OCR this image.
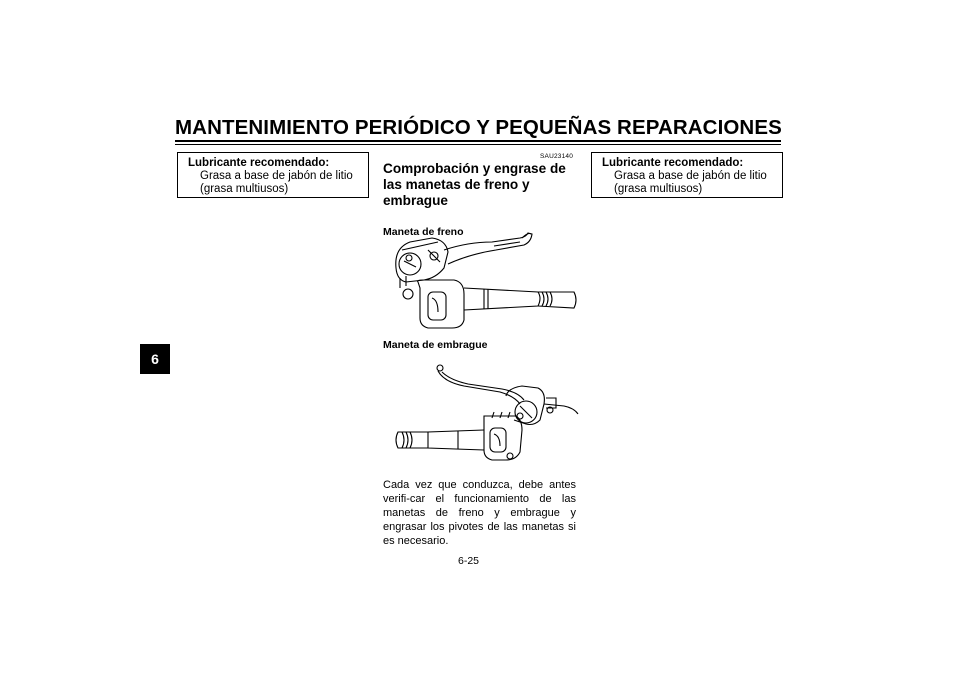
MANTENIMIENTO PERIÓDICO Y PEQUEÑAS REPARACIONES
6
Lubricante recomendado:
Grasa a base de jabón de litio (grasa multiusos)
SAU23140
Comprobación y engrase de las manetas de freno y embrague
Maneta de freno
Maneta de embrague
Cada vez que conduzca, debe antes verifi-car el funcionamiento de las manetas de freno y embrague y engrasar los pivotes de las manetas si es necesario.
Lubricante recomendado:
Grasa a base de jabón de litio (grasa multiusos)
6-25
